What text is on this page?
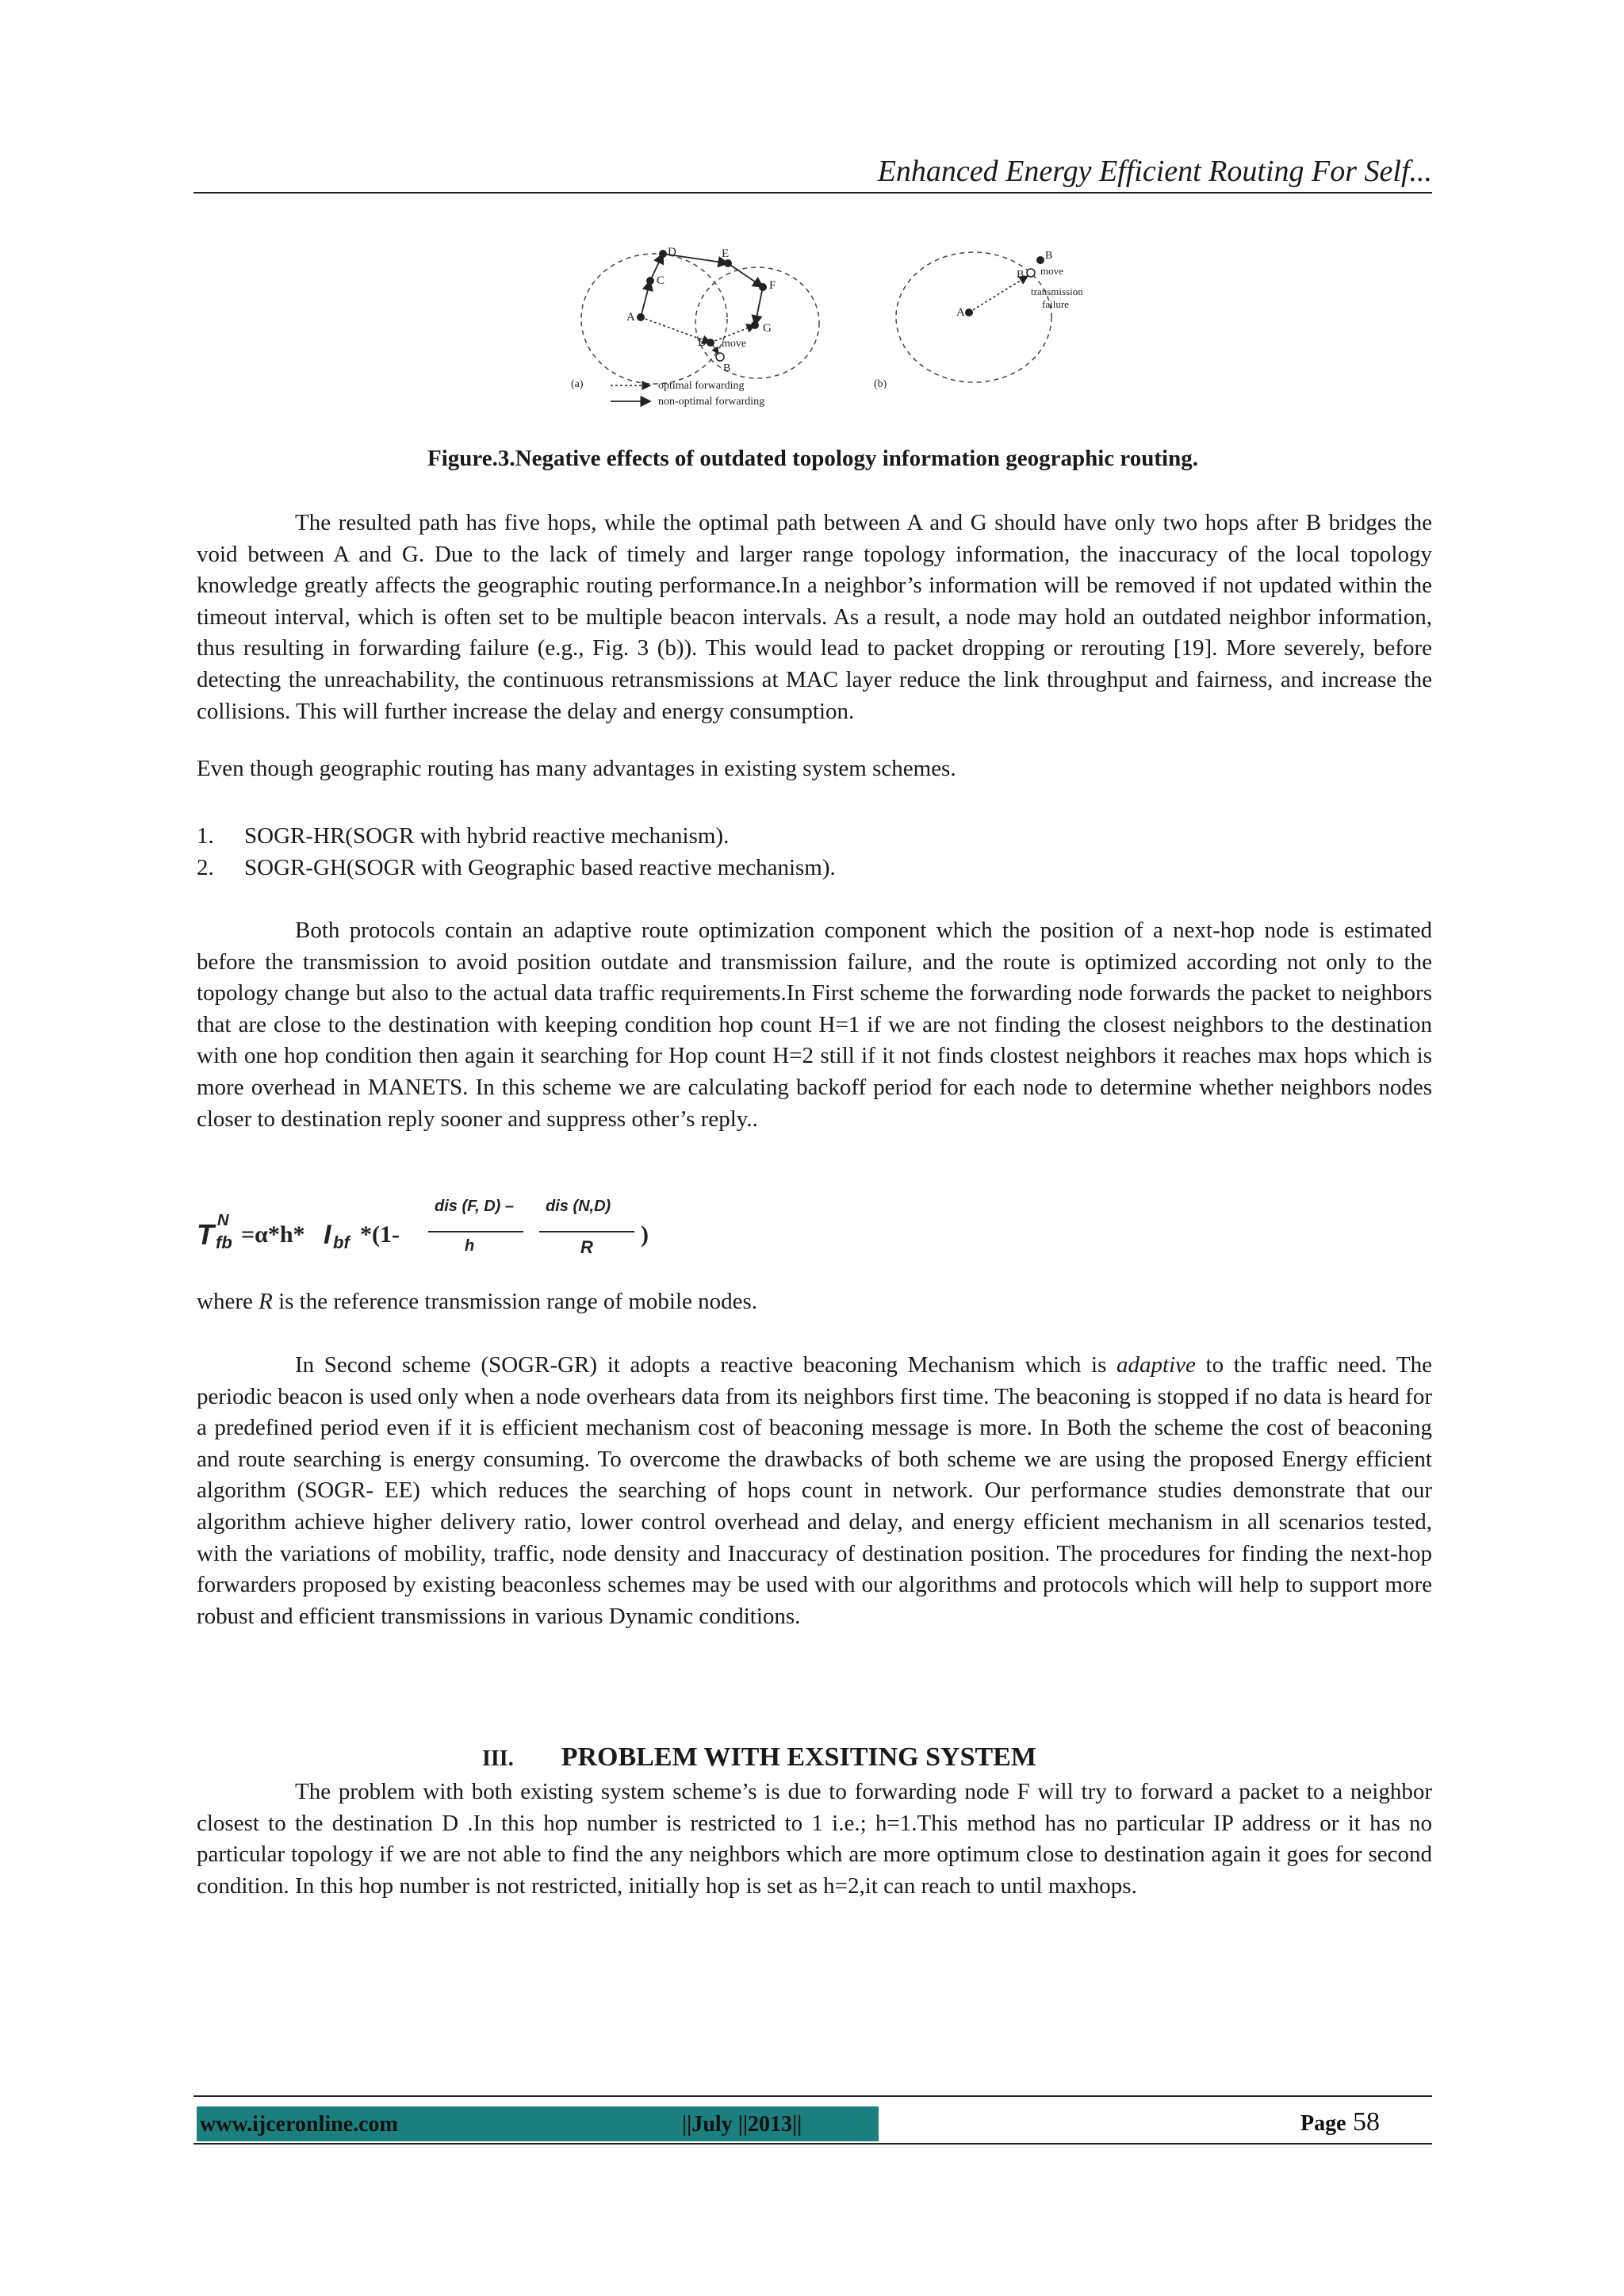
Enhanced Energy Efficient Routing For Self...
A
C
D	E
F
G
B move
B
(a)	optimal forwarding
non-optimal forwarding
(b)
A
B
B
move
transmission
failure
Figure.3.Negative effects of outdated topology information geographic routing.

The resulted path has five hops, while the optimal path between A and G should have only two hops after B bridges the void between A and G. Due to the lack of timely and larger range topology information, the inaccuracy of the local topology knowledge greatly affects the geographic routing performance.In a neighbor’s information will be removed if not updated within the timeout interval, which is often set to be multiple beacon intervals. As a result, a node may hold an outdated neighbor information, thus resulting in forwarding failure (e.g., Fig. 3 (b)). This would lead to packet dropping or rerouting [19]. More severely, before detecting the unreachability, the continuous retransmissions at MAC layer reduce the link throughput and fairness, and increase the collisions. This will further increase the delay and energy consumption.

Even though geographic routing has many advantages in existing system schemes.

1. SOGR-HR(SOGR with hybrid reactive mechanism).
2. SOGR-GH(SOGR with Geographic based reactive mechanism).

Both protocols contain an adaptive route optimization component which the position of a next-hop node is estimated before the transmission to avoid position outdate and transmission failure, and the route is optimized according not only to the topology change but also to the actual data traffic requirements.In First scheme the forwarding node forwards the packet to neighbors that are close to the destination with keeping condition hop count H=1 if we are not finding the closest neighbors to the destination with one hop condition then again it searching for Hop count H=2 still if it not finds clostest neighbors it reaches max hops which is more overhead in MANETS. In this scheme we are calculating backoff period for each node to determine whether neighbors nodes closer to destination reply sooner and suppress other’s reply..

T N
fb =α*h* I bf *(1-
dis (F, D) –
h
dis (N,D)
R )

where R is the reference transmission range of mobile nodes.

In Second scheme (SOGR-GR) it adopts a reactive beaconing Mechanism which is adaptive to the traffic need. The periodic beacon is used only when a node overhears data from its neighbors first time. The beaconing is stopped if no data is heard for a predefined period even if it is efficient mechanism cost of beaconing message is more. In Both the scheme the cost of beaconing and route searching is energy consuming. To overcome the drawbacks of both scheme we are using the proposed Energy efficient algorithm (SOGR- EE) which reduces the searching of hops count in network. Our performance studies demonstrate that our algorithm achieve higher delivery ratio, lower control overhead and delay, and energy efficient mechanism in all scenarios tested, with the variations of mobility, traffic, node density and Inaccuracy of destination position. The procedures for finding the next-hop forwarders proposed by existing beaconless schemes may be used with our algorithms and protocols which will help to support more robust and efficient transmissions in various Dynamic conditions.

III. PROBLEM WITH EXSITING SYSTEM

The problem with both existing system scheme’s is due to forwarding node F will try to forward a packet to a neighbor closest to the destination D .In this hop number is restricted to 1 i.e.; h=1.This method has no particular IP address or it has no particular topology if we are not able to find the any neighbors which are more optimum close to destination again it goes for second condition. In this hop number is not restricted, initially hop is set as h=2,it can reach to until maxhops.

www.ijceronline.com	||July ||2013||	Page 58
